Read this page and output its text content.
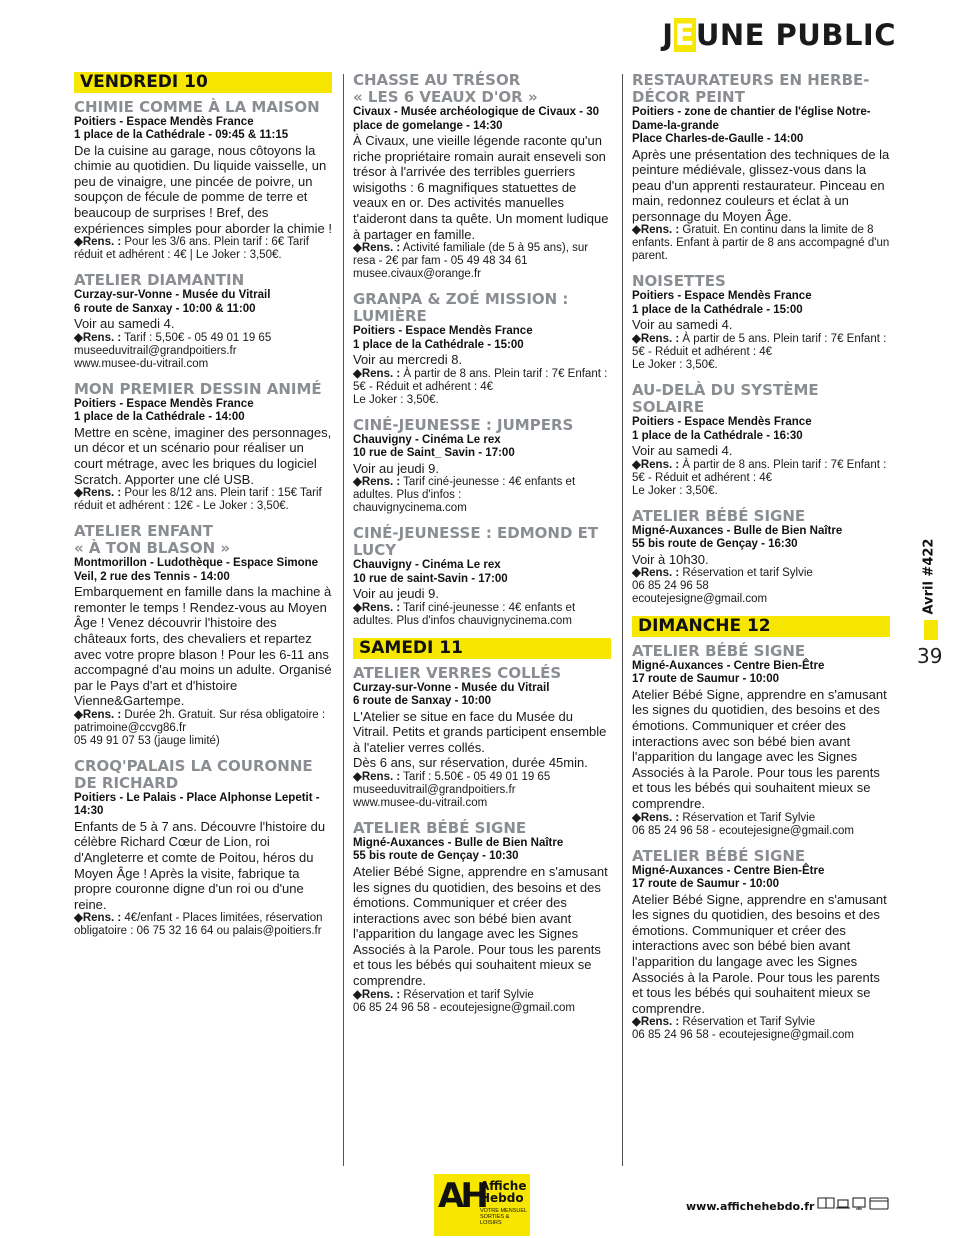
JEUNE PUBLIC
VENDREDI 10
CHIMIE COMME À LA MAISON
Poitiers - Espace Mendès France
1 place de la Cathédrale - 09:45 & 11:15
De la cuisine au garage, nous côtoyons la chimie au quotidien. Du liquide vaisselle, un peu de vinaigre, une pincée de poivre, un soupçon de fécule de pomme de terre et beaucoup de surprises ! Bref, des expériences simples pour aborder la chimie !
◆Rens. : Pour les 3/6 ans. Plein tarif : 6€ Tarif réduit et adhérent : 4€ | Le Joker : 3,50€.
ATELIER DIAMANTIN
Curzay-sur-Vonne - Musée du Vitrail
6 route de Sanxay - 10:00 & 11:00
Voir au samedi 4.
◆Rens. : Tarif : 5,50€ - 05 49 01 19 65
museeduvitrail@grandpoitiers.fr
www.musee-du-vitrail.com
MON PREMIER DESSIN ANIMÉ
Poitiers - Espace Mendès France
1 place de la Cathédrale - 14:00
Mettre en scène, imaginer des personnages, un décor et un scénario pour réaliser un court métrage, avec les briques du logiciel Scratch. Apporter une clé USB.
◆Rens. : Pour les 8/12 ans. Plein tarif : 15€ Tarif réduit et adhérent : 12€ - Le Joker : 3,50€.
ATELIER ENFANT
« À TON BLASON »
Montmorillon - Ludothèque - Espace Simone Veil, 2 rue des Tennis - 14:00
Embarquement en famille dans la machine à remonter le temps ! Rendez-vous au Moyen Âge ! Venez découvrir l'histoire des châteaux forts, des chevaliers et repartez avec votre propre blason ! Pour les 6-11 ans accompagné d'au moins un adulte. Organisé par le Pays d'art et d'histoire Vienne&Gartempe.
◆Rens. : Durée 2h. Gratuit. Sur résa obligatoire : patrimoine@ccvg86.fr
05 49 91 07 53 (jauge limité)
CROQ'PALAIS LA COURONNE DE RICHARD
Poitiers - Le Palais - Place Alphonse Lepetit - 14:30
Enfants de 5 à 7 ans. Découvre l'histoire du célèbre Richard Cœur de Lion, roi d'Angleterre et comte de Poitou, héros du Moyen Âge ! Après la visite, fabrique ta propre couronne digne d'un roi ou d'une reine.
◆Rens. : 4€/enfant - Places limitées, réservation obligatoire : 06 75 32 16 64 ou palais@poitiers.fr
CHASSE AU TRÉSOR
« LES 6 VEAUX D'OR »
Civaux - Musée archéologique de Civaux - 30 place de gomelange - 14:30
À Civaux, une vieille légende raconte qu'un riche propriétaire romain aurait enseveli son trésor à l'arrivée des terribles guerriers wisigoths : 6 magnifiques statuettes de veaux en or. Des activités manuelles t'aideront dans ta quête. Un moment ludique à partager en famille.
◆Rens. : Activité familiale (de 5 à 95 ans), sur resa - 2€ par fam - 05 49 48 34 61
musee.civaux@orange.fr
GRANPA & ZOÉ MISSION : LUMIÈRE
Poitiers - Espace Mendès France
1 place de la Cathédrale - 15:00
Voir au mercredi 8.
◆Rens. : À partir de 8 ans. Plein tarif : 7€ Enfant : 5€ - Réduit et adhérent : 4€
Le Joker : 3,50€.
CINÉ-JEUNESSE : JUMPERS
Chauvigny - Cinéma Le rex
10 rue de Saint_ Savin - 17:00
Voir au jeudi 9.
◆Rens. : Tarif ciné-jeunesse : 4€ enfants et adultes. Plus d'infos :
chauvignycinema.com
CINÉ-JEUNESSE : EDMOND ET LUCY
Chauvigny - Cinéma Le rex
10 rue de saint-Savin - 17:00
Voir au jeudi 9.
◆Rens. : Tarif ciné-jeunesse : 4€ enfants et adultes. Plus d'infos chauvignycinema.com
SAMEDI 11
ATELIER VERRES COLLÉS
Curzay-sur-Vonne - Musée du Vitrail
6 route de Sanxay - 10:00
L'Atelier se situe en face du Musée du Vitrail. Petits et grands participent ensemble à l'atelier verres collés.
Dès 6 ans, sur réservation, durée 45min.
◆Rens. : Tarif : 5.50€ - 05 49 01 19 65
museeduvitrail@grandpoitiers.fr
www.musee-du-vitrail.com
ATELIER BÉBÉ SIGNE
Migné-Auxances - Bulle de Bien Naître
55 bis route de Gençay - 10:30
Atelier Bébé Signe, apprendre en s'amusant les signes du quotidien, des besoins et des émotions. Communiquer et créer des interactions avec son bébé bien avant l'apparition du langage avec les Signes Associés à la Parole. Pour tous les parents et tous les bébés qui souhaitent mieux se comprendre.
◆Rens. : Réservation et tarif Sylvie
06 85 24 96 58 - ecoutejesigne@gmail.com
RESTAURATEURS EN HERBE-DÉCOR PEINT
Poitiers - zone de chantier de l'église Notre-Dame-la-grande
Place Charles-de-Gaulle - 14:00
Après une présentation des techniques de la peinture médiévale, glissez-vous dans la peau d'un apprenti restaurateur. Pinceau en main, redonnez couleurs et éclat à un personnage du Moyen Âge.
◆Rens. : Gratuit. En continu dans la limite de 8 enfants. Enfant à partir de 8 ans accompagné d'un parent.
NOISETTES
Poitiers - Espace Mendès France
1 place de la Cathédrale - 15:00
Voir au samedi 4.
◆Rens. : À partir de 5 ans. Plein tarif : 7€ Enfant : 5€ - Réduit et adhérent : 4€
Le Joker : 3,50€.
AU-DELÀ DU SYSTÈME SOLAIRE
Poitiers - Espace Mendès France
1 place de la Cathédrale - 16:30
Voir au samedi 4.
◆Rens. : À partir de 8 ans. Plein tarif : 7€ Enfant : 5€ - Réduit et adhérent : 4€
Le Joker : 3,50€.
ATELIER BÉBÉ SIGNE
Migné-Auxances - Bulle de Bien Naître
55 bis route de Gençay - 16:30
Voir à 10h30.
◆Rens. : Réservation et tarif Sylvie
06 85 24 96 58
ecoutejesigne@gmail.com
DIMANCHE 12
ATELIER BÉBÉ SIGNE
Migné-Auxances - Centre Bien-Être
17 route de Saumur - 10:00
Atelier Bébé Signe, apprendre en s'amusant les signes du quotidien, des besoins et des émotions. Communiquer et créer des interactions avec son bébé bien avant l'apparition du langage avec les Signes Associés à la Parole. Pour tous les parents et tous les bébés qui souhaitent mieux se comprendre.
◆Rens. : Réservation et Tarif Sylvie
06 85 24 96 58 - ecoutejesigne@gmail.com
ATELIER BÉBÉ SIGNE
Migné-Auxances - Centre Bien-Être
17 route de Saumur - 10:00
Atelier Bébé Signe, apprendre en s'amusant les signes du quotidien, des besoins et des émotions. Communiquer et créer des interactions avec son bébé bien avant l'apparition du langage avec les Signes Associés à la Parole. Pour tous les parents et tous les bébés qui souhaitent mieux se comprendre.
◆Rens. : Réservation et Tarif Sylvie
06 85 24 96 58 - ecoutejesigne@gmail.com
Avril #422
39
AH
Affiche
Hebdo
VOTRE MENSUEL SORTIES & LOISIRS
www.affichehebdo.fr
